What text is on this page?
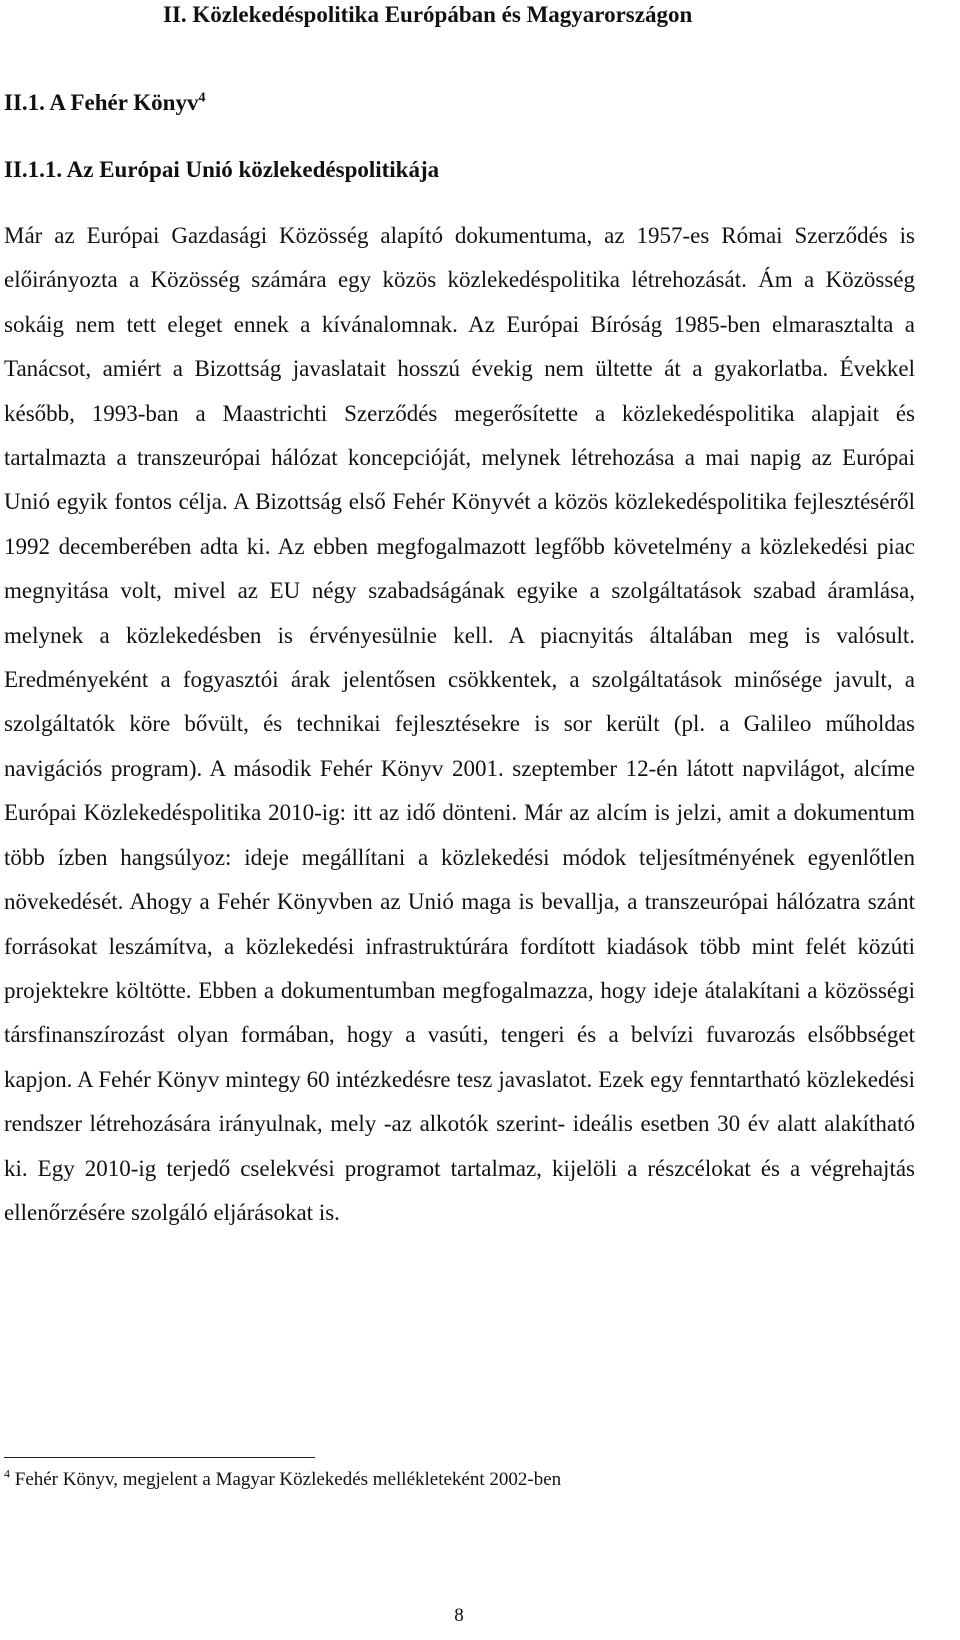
II. Közlekedéspolitika Európában és Magyarországon
II.1. A Fehér Könyv$^4$
II.1.1. Az Európai Unió közlekedéspolitikája

Már az Európai Gazdasági Közösség alapító dokumentuma, az 1957-es Római Szerződés is előirányozta a Közösség számára egy közös közlekedéspolitika létrehozását. Ám a Közösség sokáig nem tett eleget ennek a kívánalomnak. Az Európai Bíróság 1985-ben elmarasztalta a Tanácsot, amiért a Bizottság javaslatait hosszú évekig nem ültette át a gyakorlatba. Évekkel később, 1993-ban a Maastrichti Szerződés megerősítette a közlekedéspolitika alapjait és tartalmazta a transzeurópai hálózat koncepcióját, melynek létrehozása a mai napig az Európai Unió egyik fontos célja. A Bizottság első Fehér Könyvét a közös közlekedéspolitika fejlesztéséről 1992 decemberében adta ki. Az ebben megfogalmazott legfőbb követelmény a közlekedési piac megnyitása volt, mivel az EU négy szabadságának egyike a szolgáltatások szabad áramlása, melynek a közlekedésben is érvényesülnie kell. A piacnyitás általában meg is valósult. Eredményeként a fogyasztói árak jelentősen csökkentek, a szolgáltatások minősége javult, a szolgáltatók köre bővült, és technikai fejlesztésekre is sor került (pl. a Galileo műholdas navigációs program). A második Fehér Könyv 2001. szeptember 12-én látott napvilágot, alcíme Európai Közlekedéspolitika 2010-ig: itt az idő dönteni. Már az alcím is jelzi, amit a dokumentum több ízben hangsúlyoz: ideje megállítani a közlekedési módok teljesítményének egyenlőtlen növekedését. Ahogy a Fehér Könyvben az Unió maga is bevallja, a transzeurópai hálózatra szánt forrásokat leszámítva, a közlekedési infrastruktúrára fordított kiadások több mint felét közúti projektekre költötte. Ebben a dokumentumban megfogalmazza, hogy ideje átalakítani a közösségi társfinanszírozást olyan formában, hogy a vasúti, tengeri és a belvízi fuvarozás elsőbbséget kapjon. A Fehér Könyv mintegy 60 intézkedésre tesz javaslatot. Ezek egy fenntartható közlekedési rendszer létrehozására irányulnak, mely -az alkotók szerint- ideális esetben 30 év alatt alakítható ki. Egy 2010-ig terjedő cselekvési programot tartalmaz, kijelöli a részcélokat és a végrehajtás ellenőrzésére szolgáló eljárásokat is.

$^4$ Fehér Könyv, megjelent a Magyar Közlekedés mellékleteként 2002-ben

8
